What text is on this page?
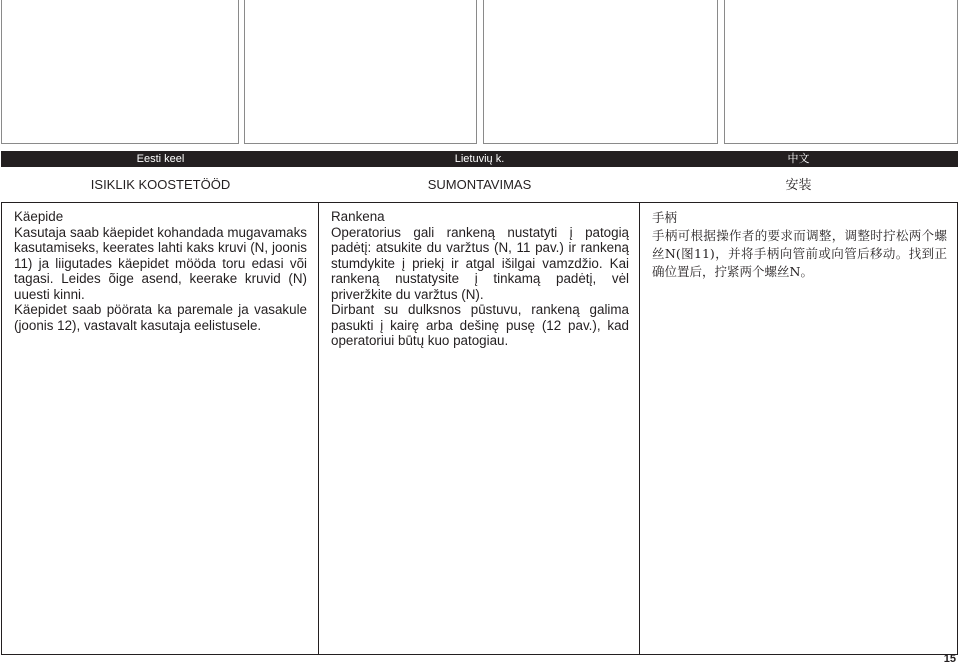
Eesti keel	Lietuvių k.	中文
ISIKLIK KOOSTETÖÖD	SUMONTAVIMAS	安装
Käepide

Kasutaja saab käepidet kohandada mugavamaks kasutamiseks, keerates lahti kaks kruvi (N, joonis 11) ja liigutades käepidet mööda toru edasi või tagasi. Leides õige asend, keerake kruvid (N) uuesti kinni.

Käepidet saab pöörata ka paremale ja vasakule (joonis 12), vastavalt kasutaja eelistusele.

Rankena

Operatorius gali rankeną nustatyti į patogią padėtį: atsukite du varžtus (N, 11 pav.) ir rankeną stumdykite į priekį ir atgal išilgai vamzdžio. Kai rankeną nustatysite į tinkamą padėtį, vėl priveržkite du varžtus (N).

Dirbant su dulksnos pūstuvu, rankeną galima pasukti į kairę arba dešinę pusę (12 pav.), kad operatoriui būtų kuo patogiau.

手柄

手柄可根据操作者的要求而调整，调整时拧松两个螺丝N(图11)，并将手柄向管前或向管后移动。找到正确位置后，拧紧两个螺丝N。

15
